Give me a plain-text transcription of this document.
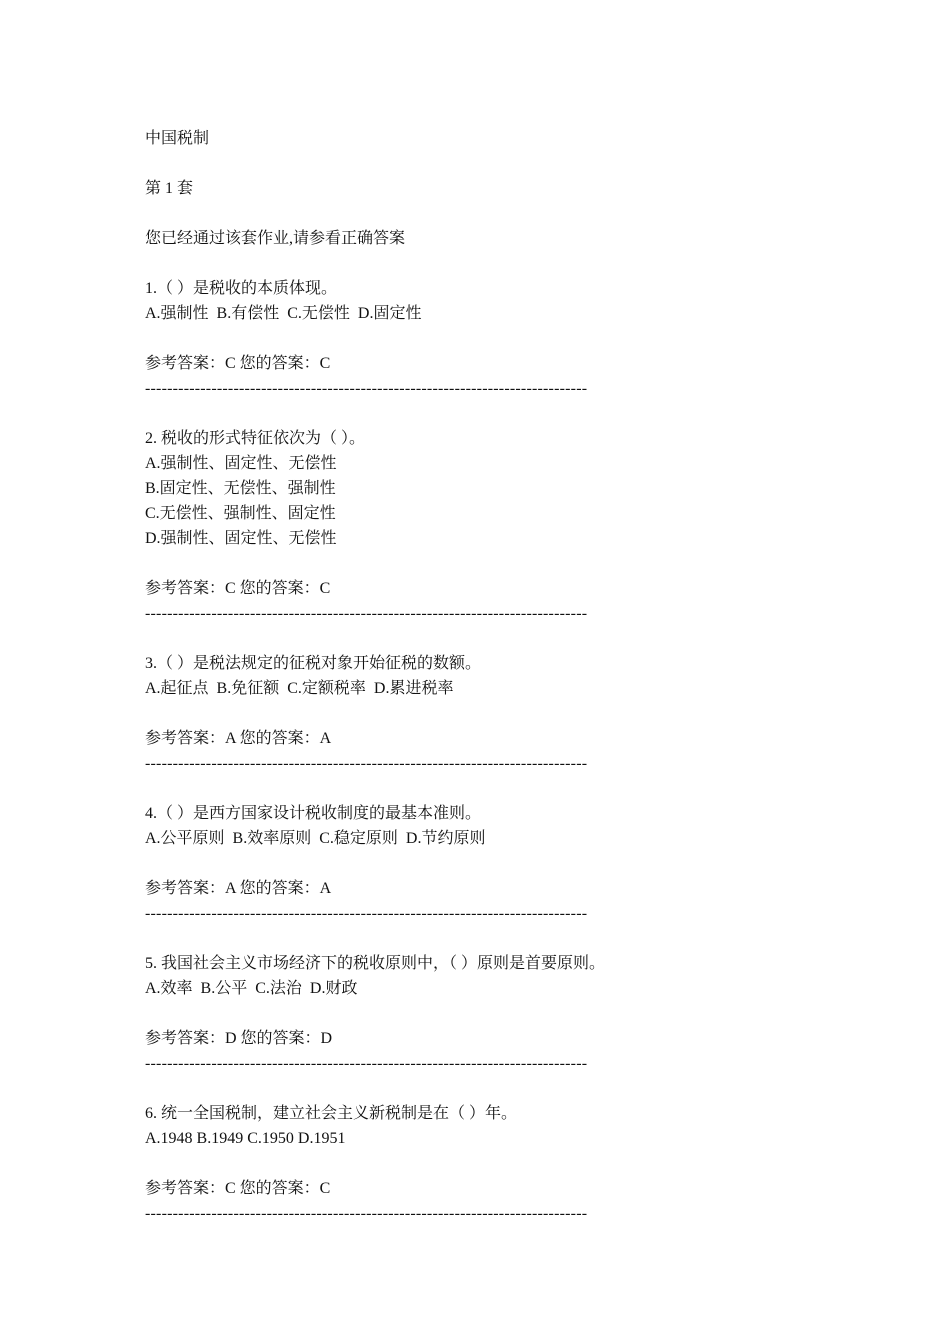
中国税制
第 1 套
您已经通过该套作业,请参看正确答案
1.（ ）是税收的本质体现。
A.强制性  B.有偿性  C.无偿性  D.固定性
参考答案：C 您的答案：C
--------------------------------------------------------------------------------
2. 税收的形式特征依次为（ ）。
A.强制性、固定性、无偿性
B.固定性、无偿性、强制性
C.无偿性、强制性、固定性
D.强制性、固定性、无偿性
参考答案：C 您的答案：C
--------------------------------------------------------------------------------
3.（ ）是税法规定的征税对象开始征税的数额。
A.起征点  B.免征额  C.定额税率  D.累进税率
参考答案：A 您的答案：A
--------------------------------------------------------------------------------
4.（ ）是西方国家设计税收制度的最基本准则。
A.公平原则  B.效率原则  C.稳定原则  D.节约原则
参考答案：A 您的答案：A
--------------------------------------------------------------------------------
5. 我国社会主义市场经济下的税收原则中，（ ）原则是首要原则。
A.效率  B.公平  C.法治  D.财政
参考答案：D 您的答案：D
--------------------------------------------------------------------------------
6. 统一全国税制，建立社会主义新税制是在（ ）年。
A.1948 B.1949 C.1950 D.1951
参考答案：C 您的答案：C
--------------------------------------------------------------------------------
